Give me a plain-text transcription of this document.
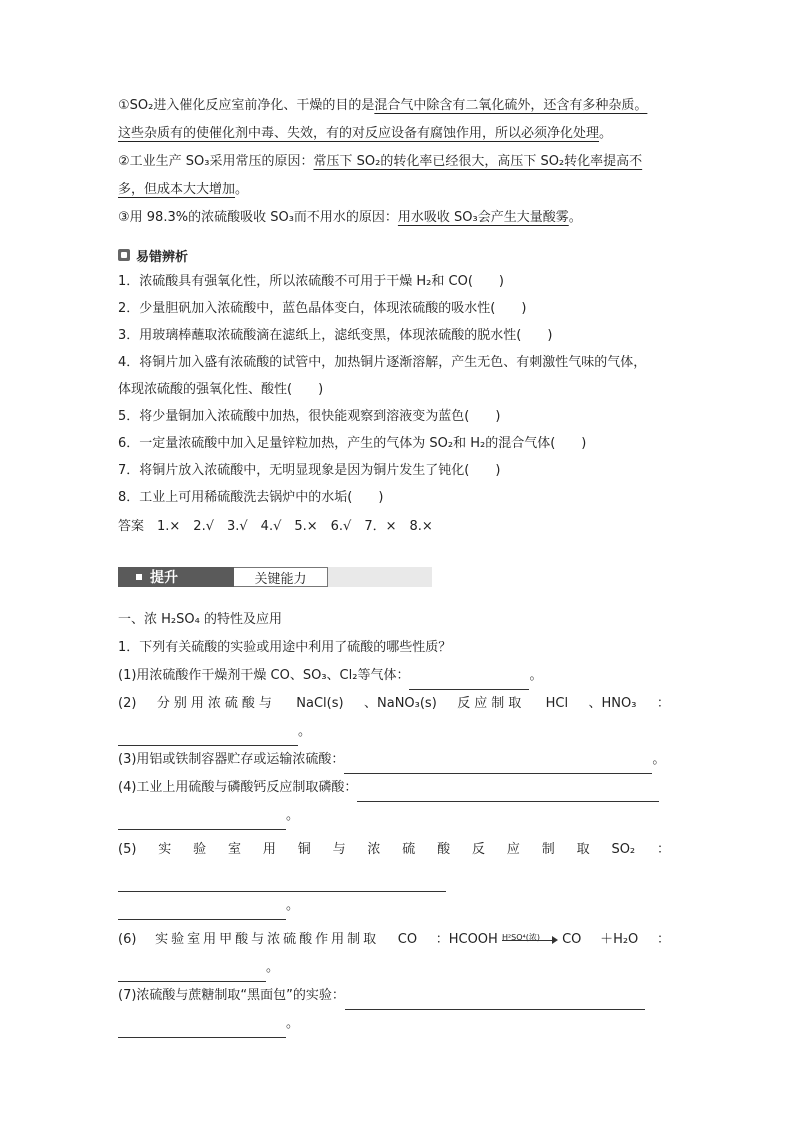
①SO₂进入催化反应室前净化、干燥的目的是混合气中除含有二氧化硫外，还含有多种杂质。
这些杂质有的使催化剂中毒、失效，有的对反应设备有腐蚀作用，所以必须净化处理。
②工业生产 SO₃采用常压的原因：常压下 SO₂的转化率已经很大，高压下 SO₂转化率提高不
多，但成本大大增加。
③用 98.3%的浓硫酸吸收 SO₃而不用水的原因：用水吸收 SO₃会产生大量酸雾。
易错辨析
1．浓硫酸具有强氧化性，所以浓硫酸不可用于干燥 H₂和 CO(　　)
2．少量胆矾加入浓硫酸中，蓝色晶体变白，体现浓硫酸的吸水性(　　)
3．用玻璃棒蘸取浓硫酸滴在滤纸上，滤纸变黑，体现浓硫酸的脱水性(　　)
4．将铜片加入盛有浓硫酸的试管中，加热铜片逐渐溶解，产生无色、有刺激性气味的气体，
体现浓硫酸的强氧化性、酸性(　　)
5．将少量铜加入浓硫酸中加热，很快能观察到溶液变为蓝色(　　)
6．一定量浓硫酸中加入足量锌粒加热，产生的气体为 SO₂和 H₂的混合气体(　　)
7．将铜片放入浓硫酸中，无明显现象是因为铜片发生了钝化(　　)
8．工业上可用稀硫酸洗去锅炉中的水垢(　　)
答案　1.×　2.√　3.√　4.√　5.×　6.√　7．×　8.×
提升	关键能力
一、浓 H₂SO₄ 的特性及应用
1．下列有关硫酸的实验或用途中利用了硫酸的哪些性质？
(1)用浓硫酸作干燥剂干燥 CO、SO₃、Cl₂等气体：	。
(2) 分别用浓硫酸与 NaCl(s) 、NaNO₃(s) 反应制取 HCl 、HNO₃ ：
。
(3)用铝或铁制容器贮存或运输浓硫酸：	。
(4)工业上用硫酸与磷酸钙反应制取磷酸：
。
(5) 实 验 室 用 铜 与 浓 硫 酸 反 应 制 取 SO₂ ：
。
(6) 实验室用甲酸与浓硫酸作用制取 CO ：HCOOH H²SO⁴(浓) CO ＋H₂O ：
。
(7)浓硫酸与蔗糖制取“黑面包”的实验：
。
